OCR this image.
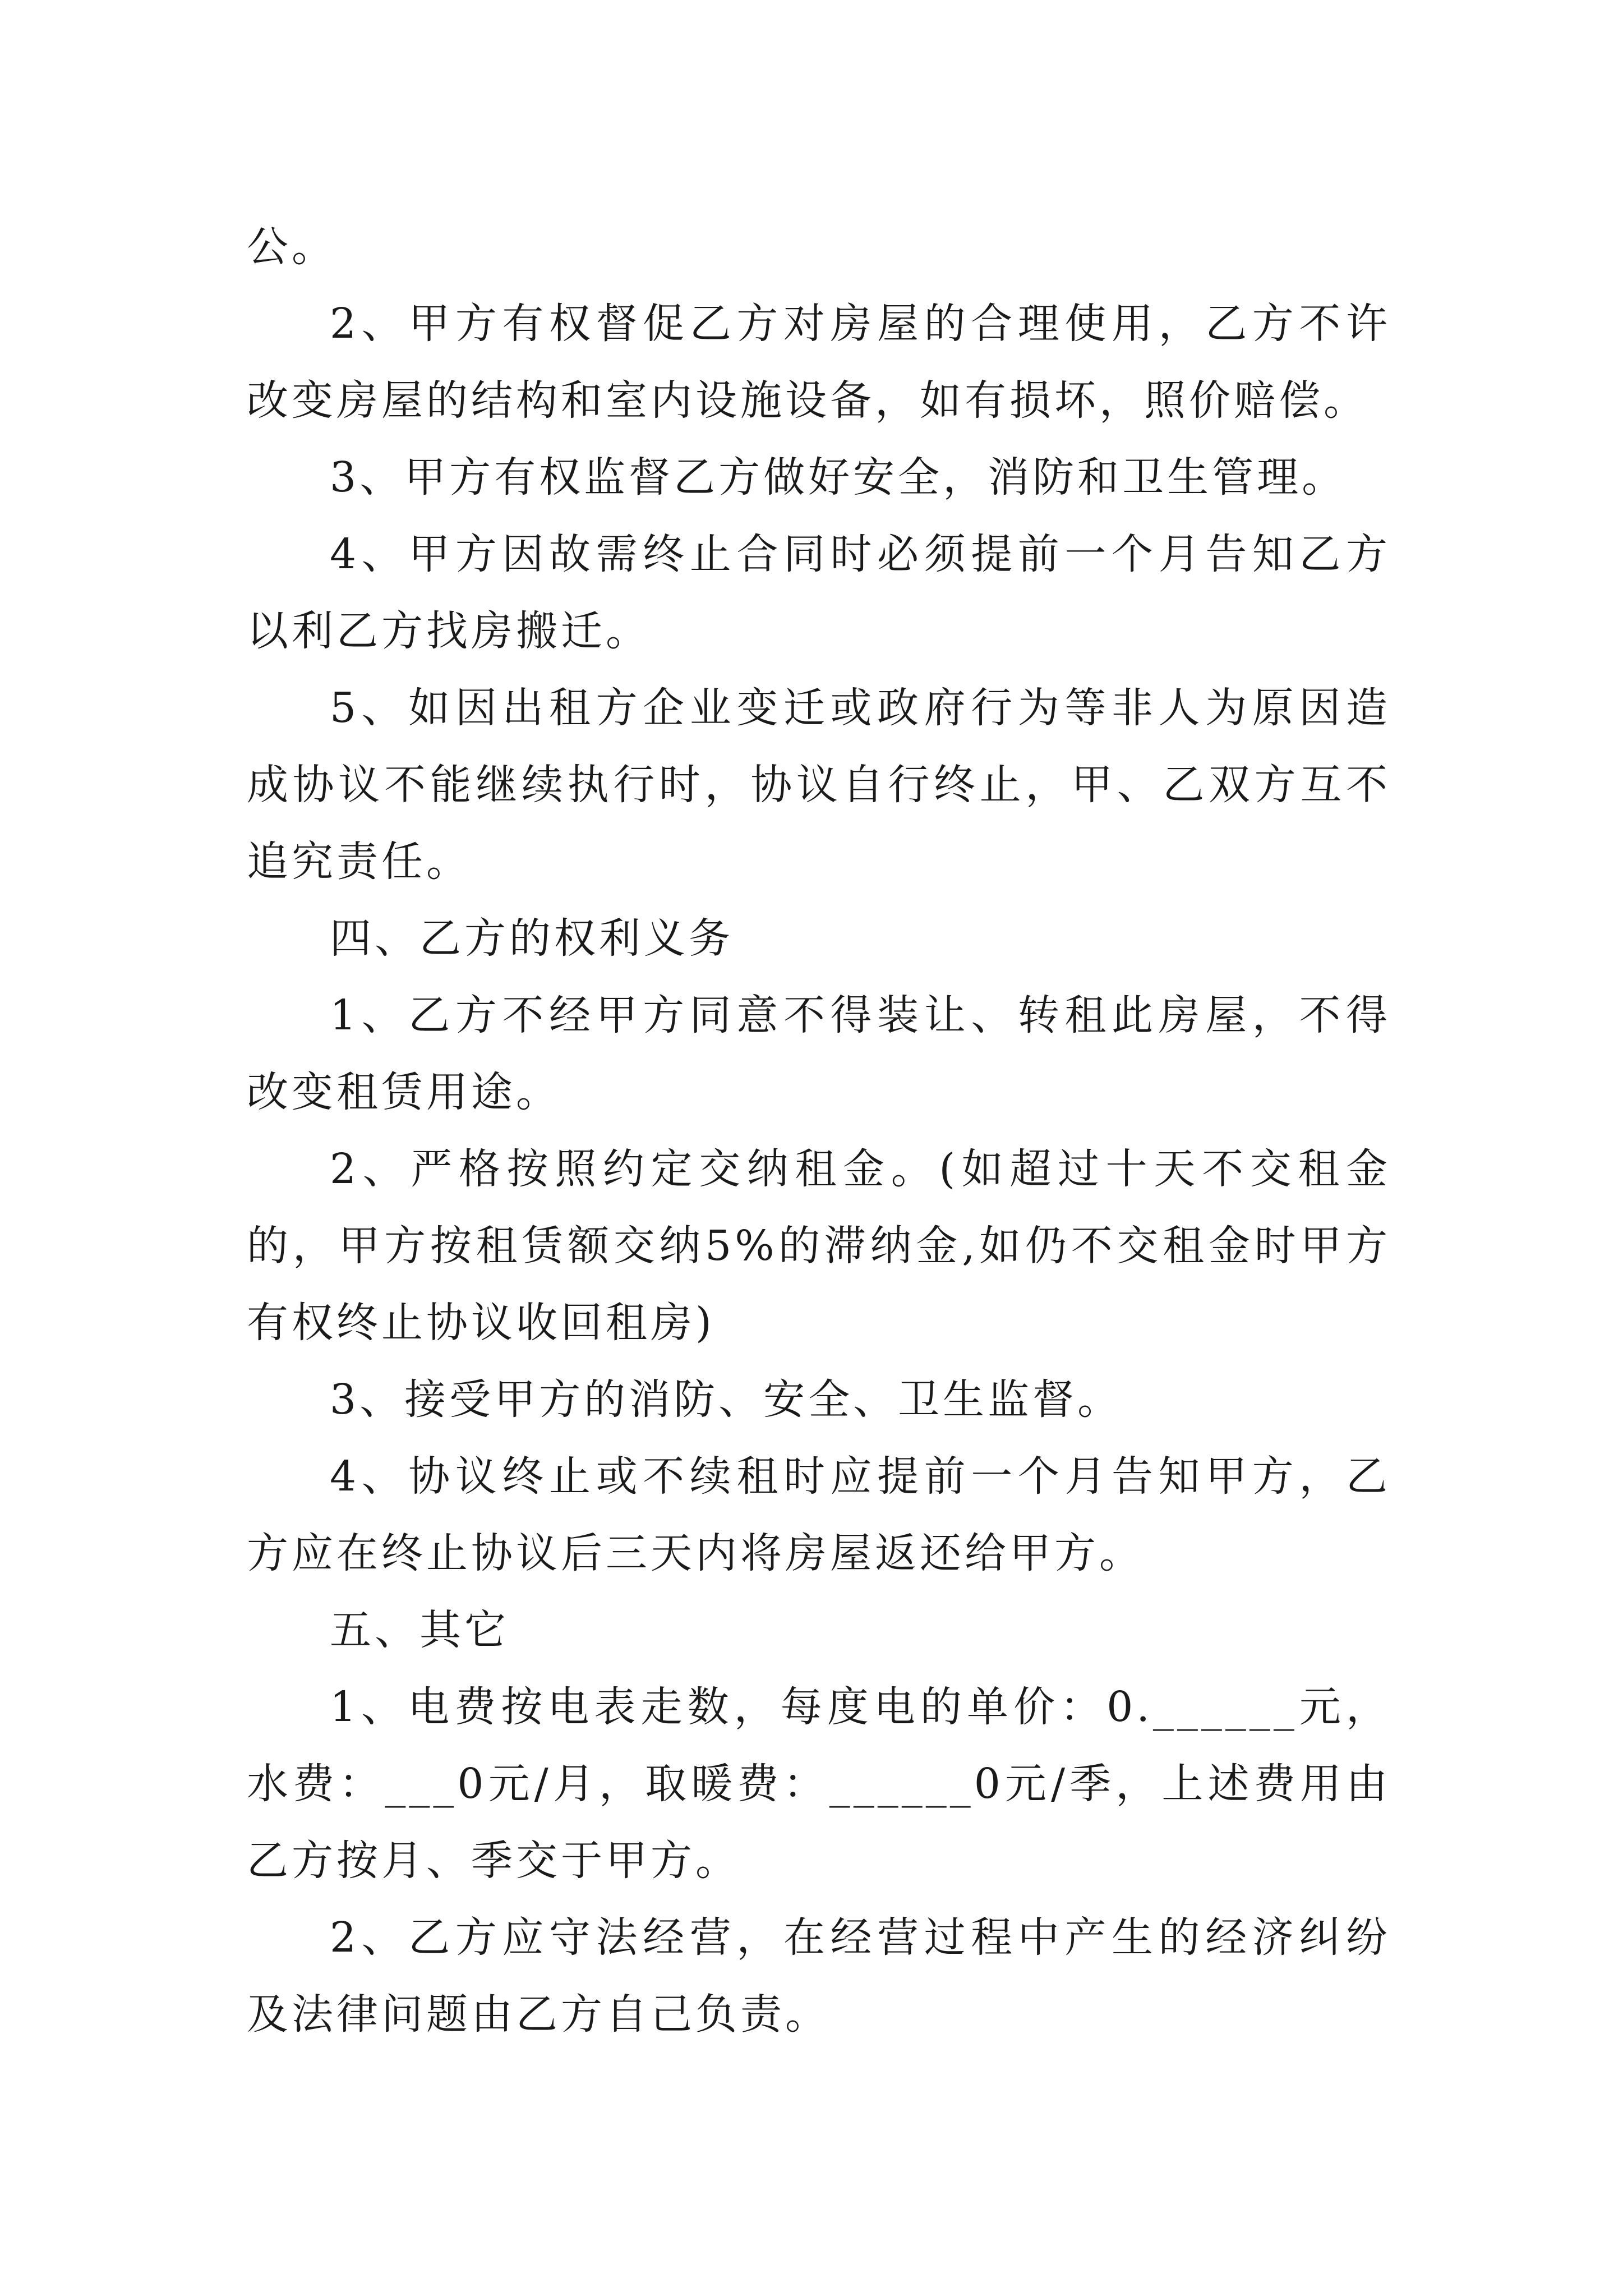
公。

2、甲方有权督促乙方对房屋的合理使用，乙方不许改变房屋的结构和室内设施设备，如有损坏，照价赔偿。

3、甲方有权监督乙方做好安全，消防和卫生管理。

4、甲方因故需终止合同时必须提前一个月告知乙方以利乙方找房搬迁。

5、如因出租方企业变迁或政府行为等非人为原因造成协议不能继续执行时，协议自行终止，甲、乙双方互不追究责任。

四、乙方的权利义务

1、乙方不经甲方同意不得装让、转租此房屋，不得改变租赁用途。

2、严格按照约定交纳租金。(如超过十天不交租金的，甲方按租赁额交纳5%的滞纳金,如仍不交租金时甲方有权终止协议收回租房)

3、接受甲方的消防、安全、卫生监督。

4、协议终止或不续租时应提前一个月告知甲方，乙方应在终止协议后三天内将房屋返还给甲方。

五、其它

1、电费按电表走数，每度电的单价：0.______元，水费：___0元/月，取暖费：______0元/季，上述费用由乙方按月、季交于甲方。

2、乙方应守法经营，在经营过程中产生的经济纠纷及法律问题由乙方自己负责。
